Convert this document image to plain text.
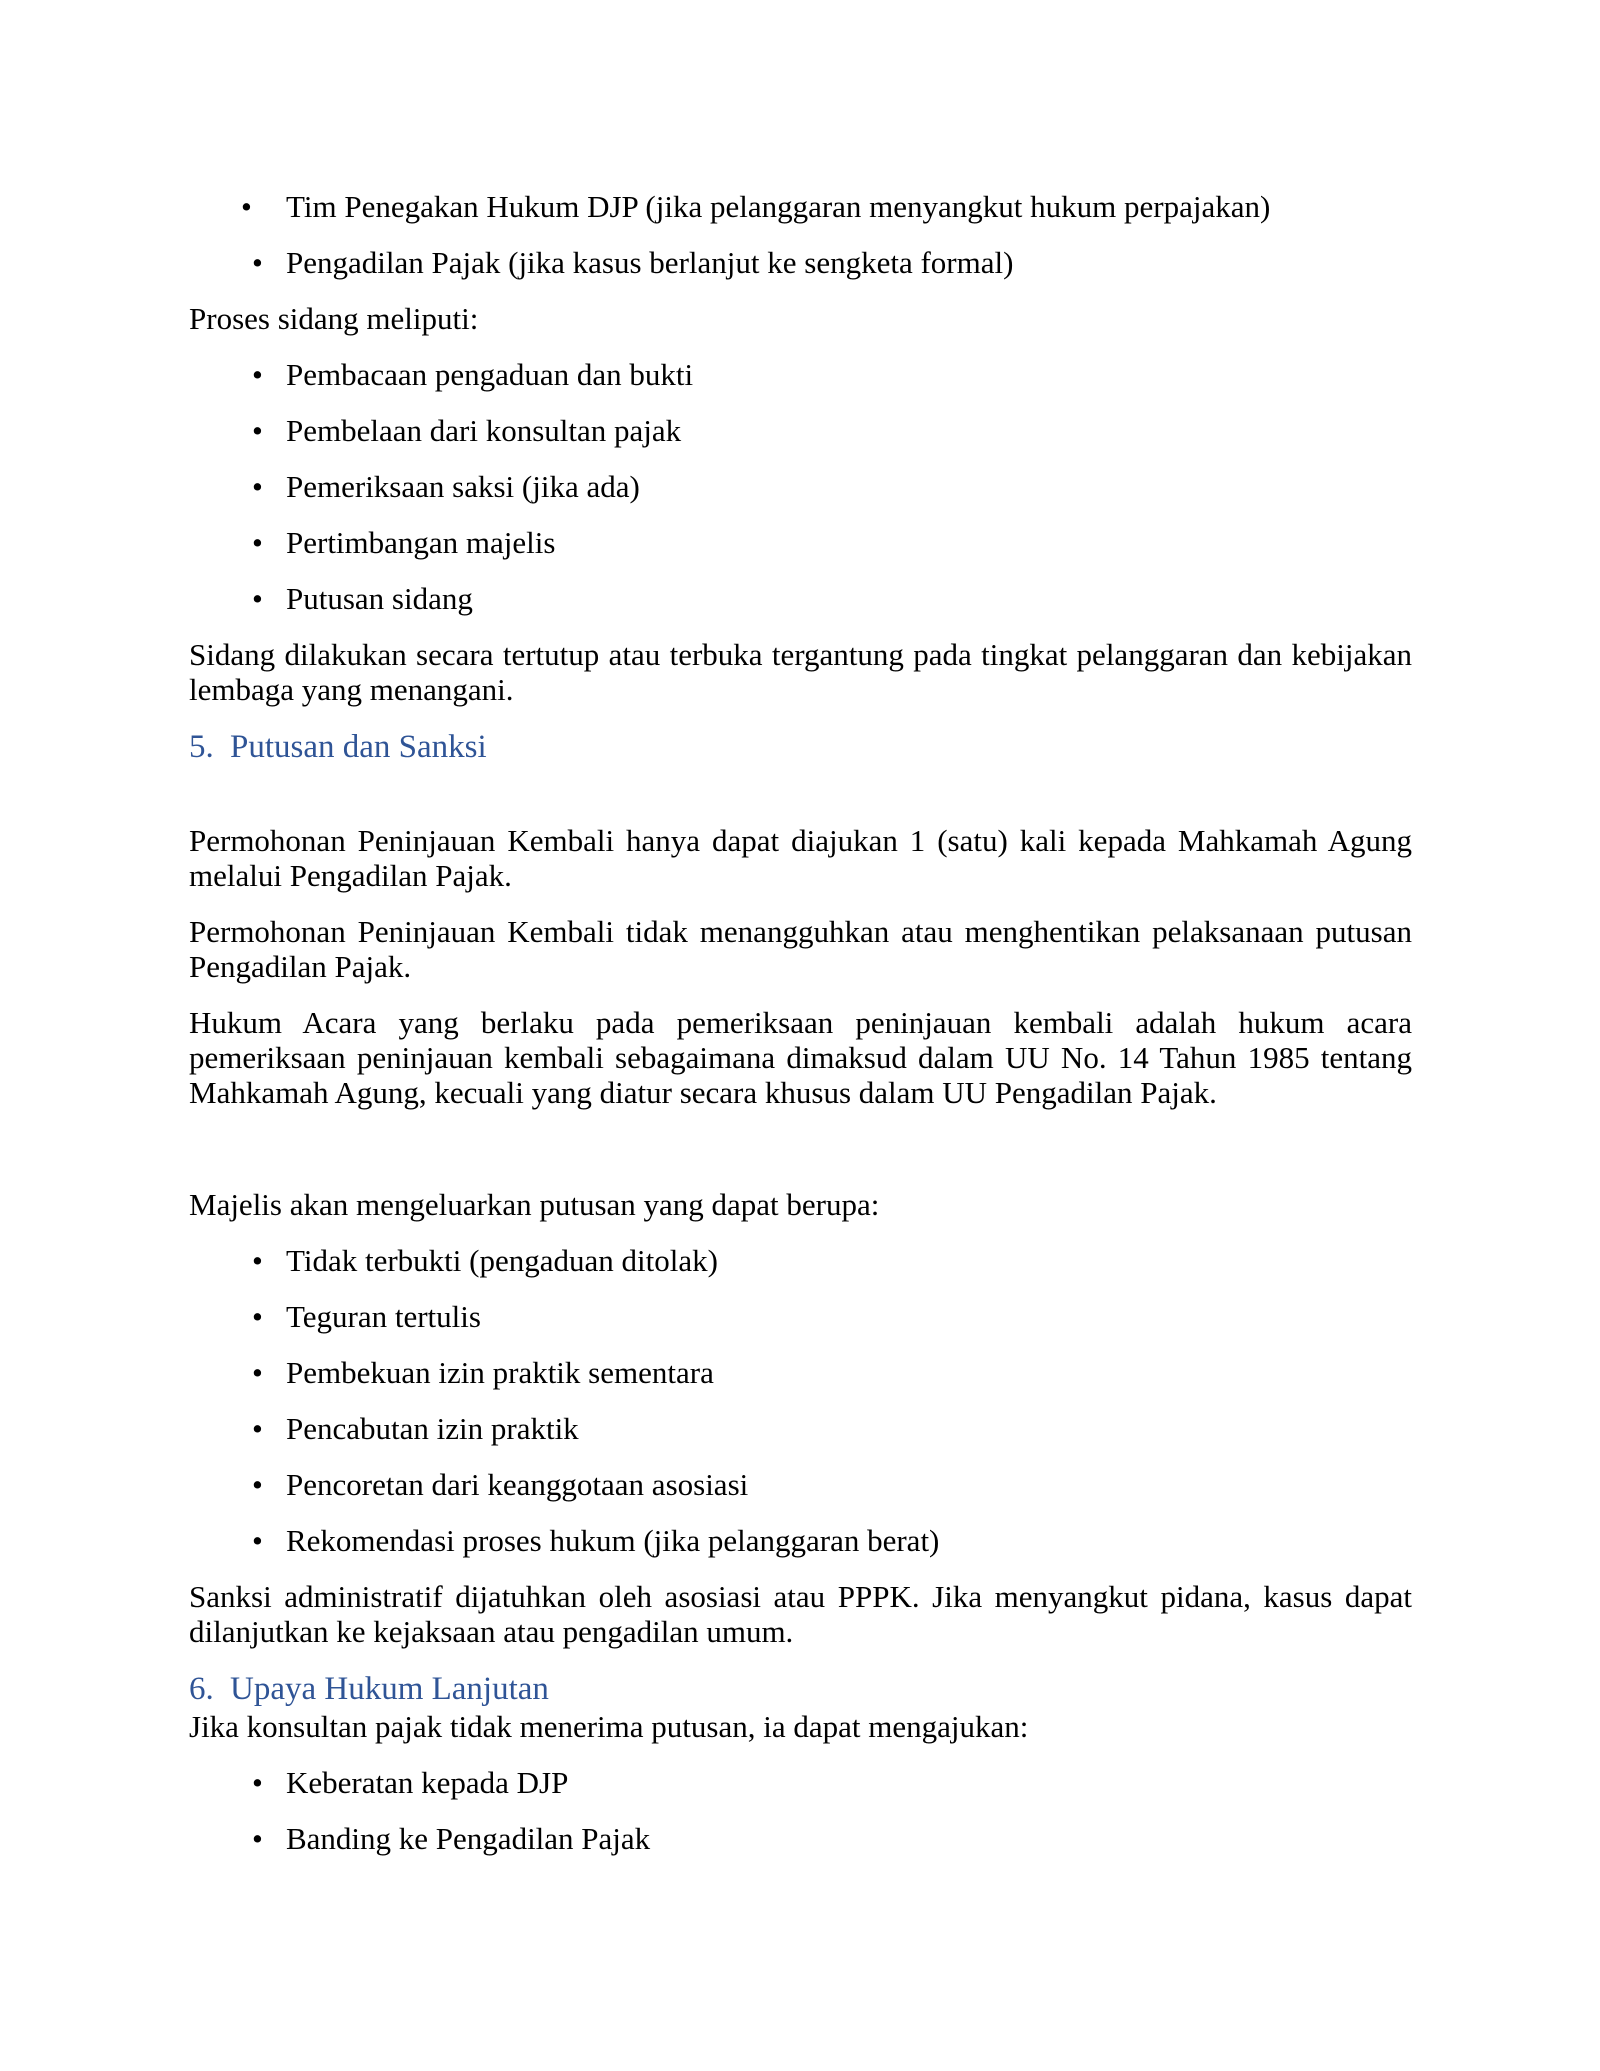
• Tim Penegakan Hukum DJP (jika pelanggaran menyangkut hukum perpajakan)
• Pengadilan Pajak (jika kasus berlanjut ke sengketa formal)

Proses sidang meliputi:

• Pembacaan pengaduan dan bukti
• Pembelaan dari konsultan pajak
• Pemeriksaan saksi (jika ada)
• Pertimbangan majelis
• Putusan sidang

Sidang dilakukan secara tertutup atau terbuka tergantung pada tingkat pelanggaran dan kebijakan lembaga yang menangani.

5. Putusan dan Sanksi

Permohonan Peninjauan Kembali hanya dapat diajukan 1 (satu) kali kepada Mahkamah Agung melalui Pengadilan Pajak.

Permohonan Peninjauan Kembali tidak menangguhkan atau menghentikan pelaksanaan putusan Pengadilan Pajak.

Hukum Acara yang berlaku pada pemeriksaan peninjauan kembali adalah hukum acara pemeriksaan peninjauan kembali sebagaimana dimaksud dalam UU No. 14 Tahun 1985 tentang Mahkamah Agung, kecuali yang diatur secara khusus dalam UU Pengadilan Pajak.

Majelis akan mengeluarkan putusan yang dapat berupa:

• Tidak terbukti (pengaduan ditolak)
• Teguran tertulis
• Pembekuan izin praktik sementara
• Pencabutan izin praktik
• Pencoretan dari keanggotaan asosiasi
• Rekomendasi proses hukum (jika pelanggaran berat)

Sanksi administratif dijatuhkan oleh asosiasi atau PPPK. Jika menyangkut pidana, kasus dapat dilanjutkan ke kejaksaan atau pengadilan umum.

6. Upaya Hukum Lanjutan

Jika konsultan pajak tidak menerima putusan, ia dapat mengajukan:

• Keberatan kepada DJP
• Banding ke Pengadilan Pajak
